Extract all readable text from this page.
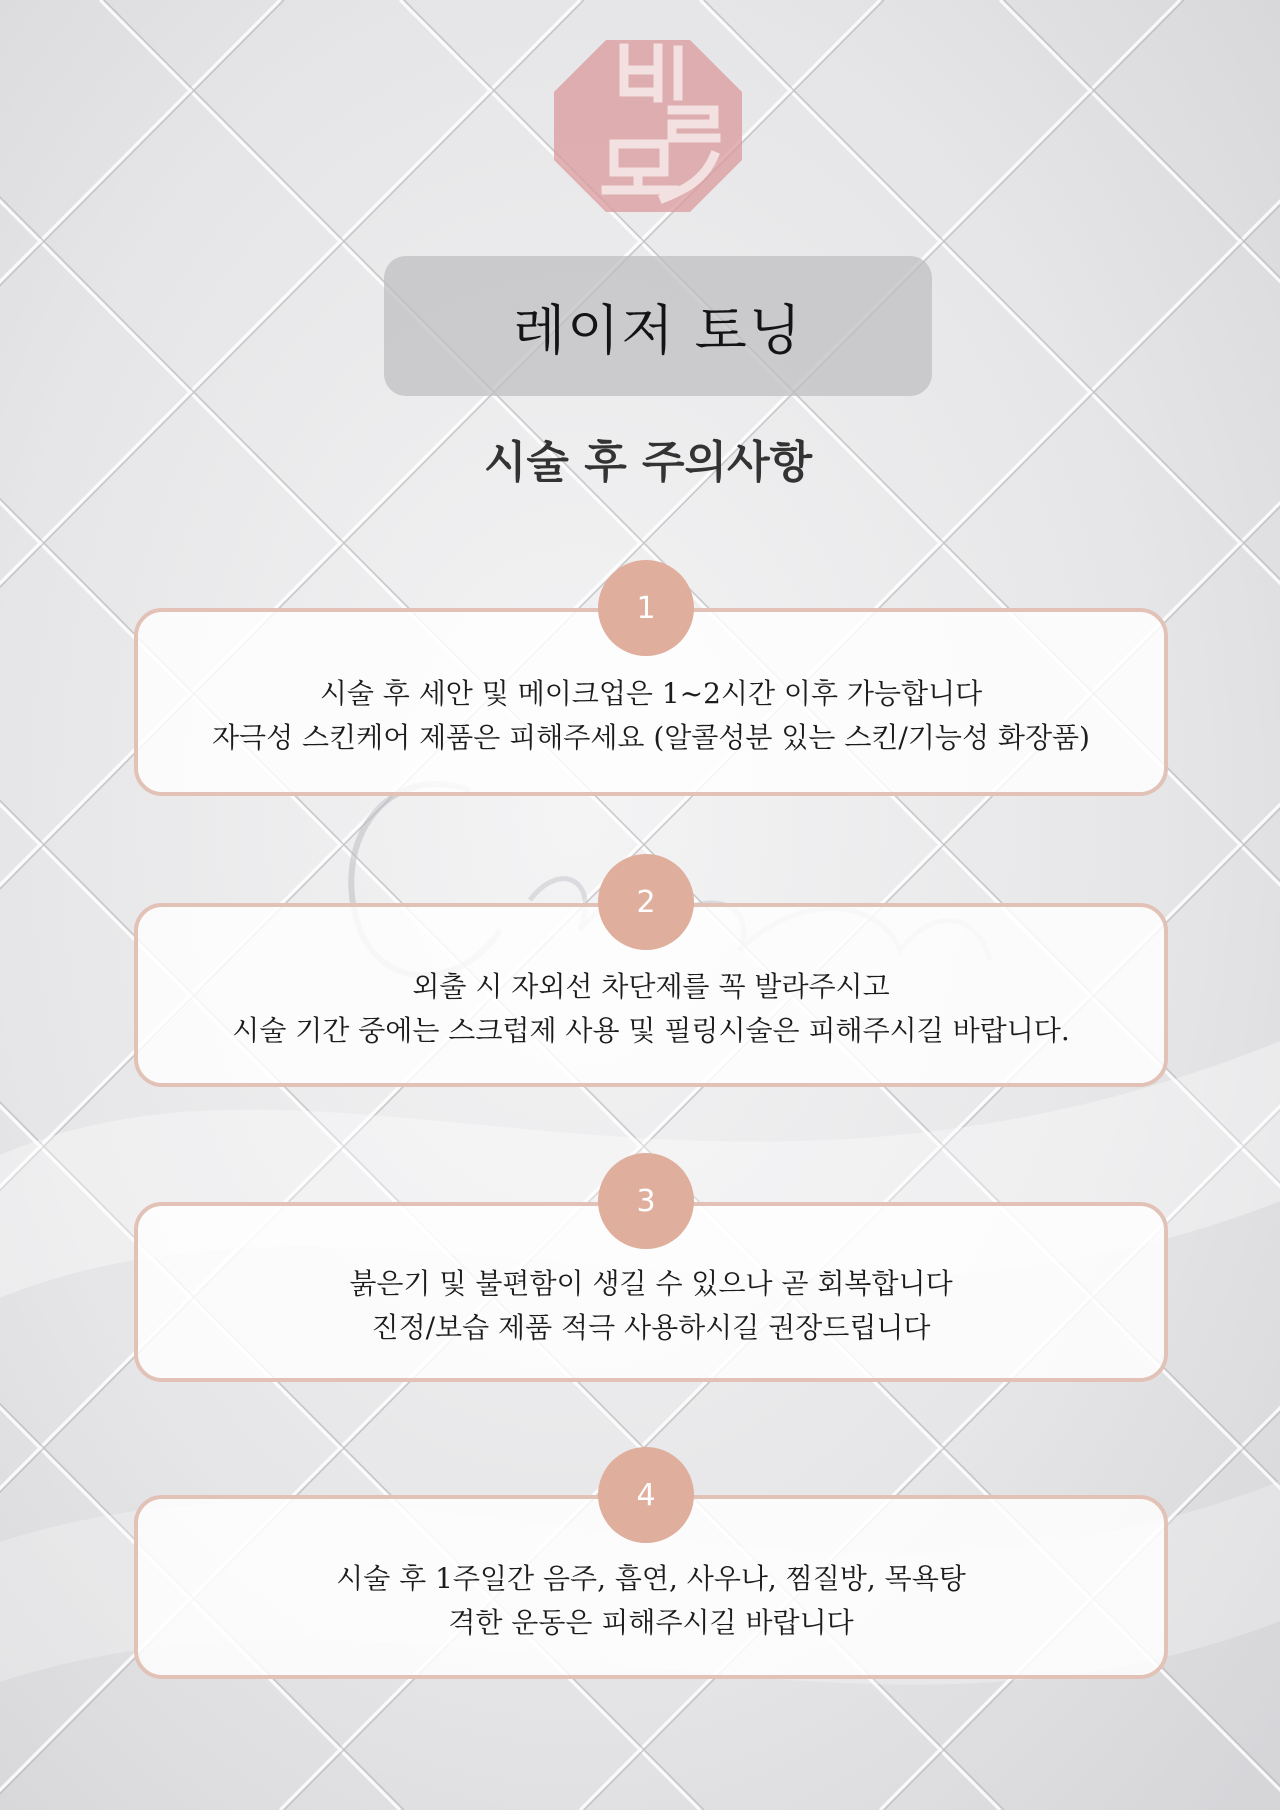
레이저 토닝
시술 후 주의사항
시술 후 세안 및 메이크업은 1~2시간 이후 가능합니다
자극성 스킨케어 제품은 피해주세요 (알콜성분 있는 스킨/기능성 화장품)
1
외출 시 자외선 차단제를 꼭 발라주시고
시술 기간 중에는 스크럽제 사용 및 필링시술은 피해주시길 바랍니다.
2
붉은기 및 불편함이 생길 수 있으나 곧 회복합니다
진정/보습 제품 적극 사용하시길 권장드립니다
3
시술 후 1주일간 음주, 흡연, 사우나, 찜질방, 목욕탕
격한 운동은 피해주시길 바랍니다
4
